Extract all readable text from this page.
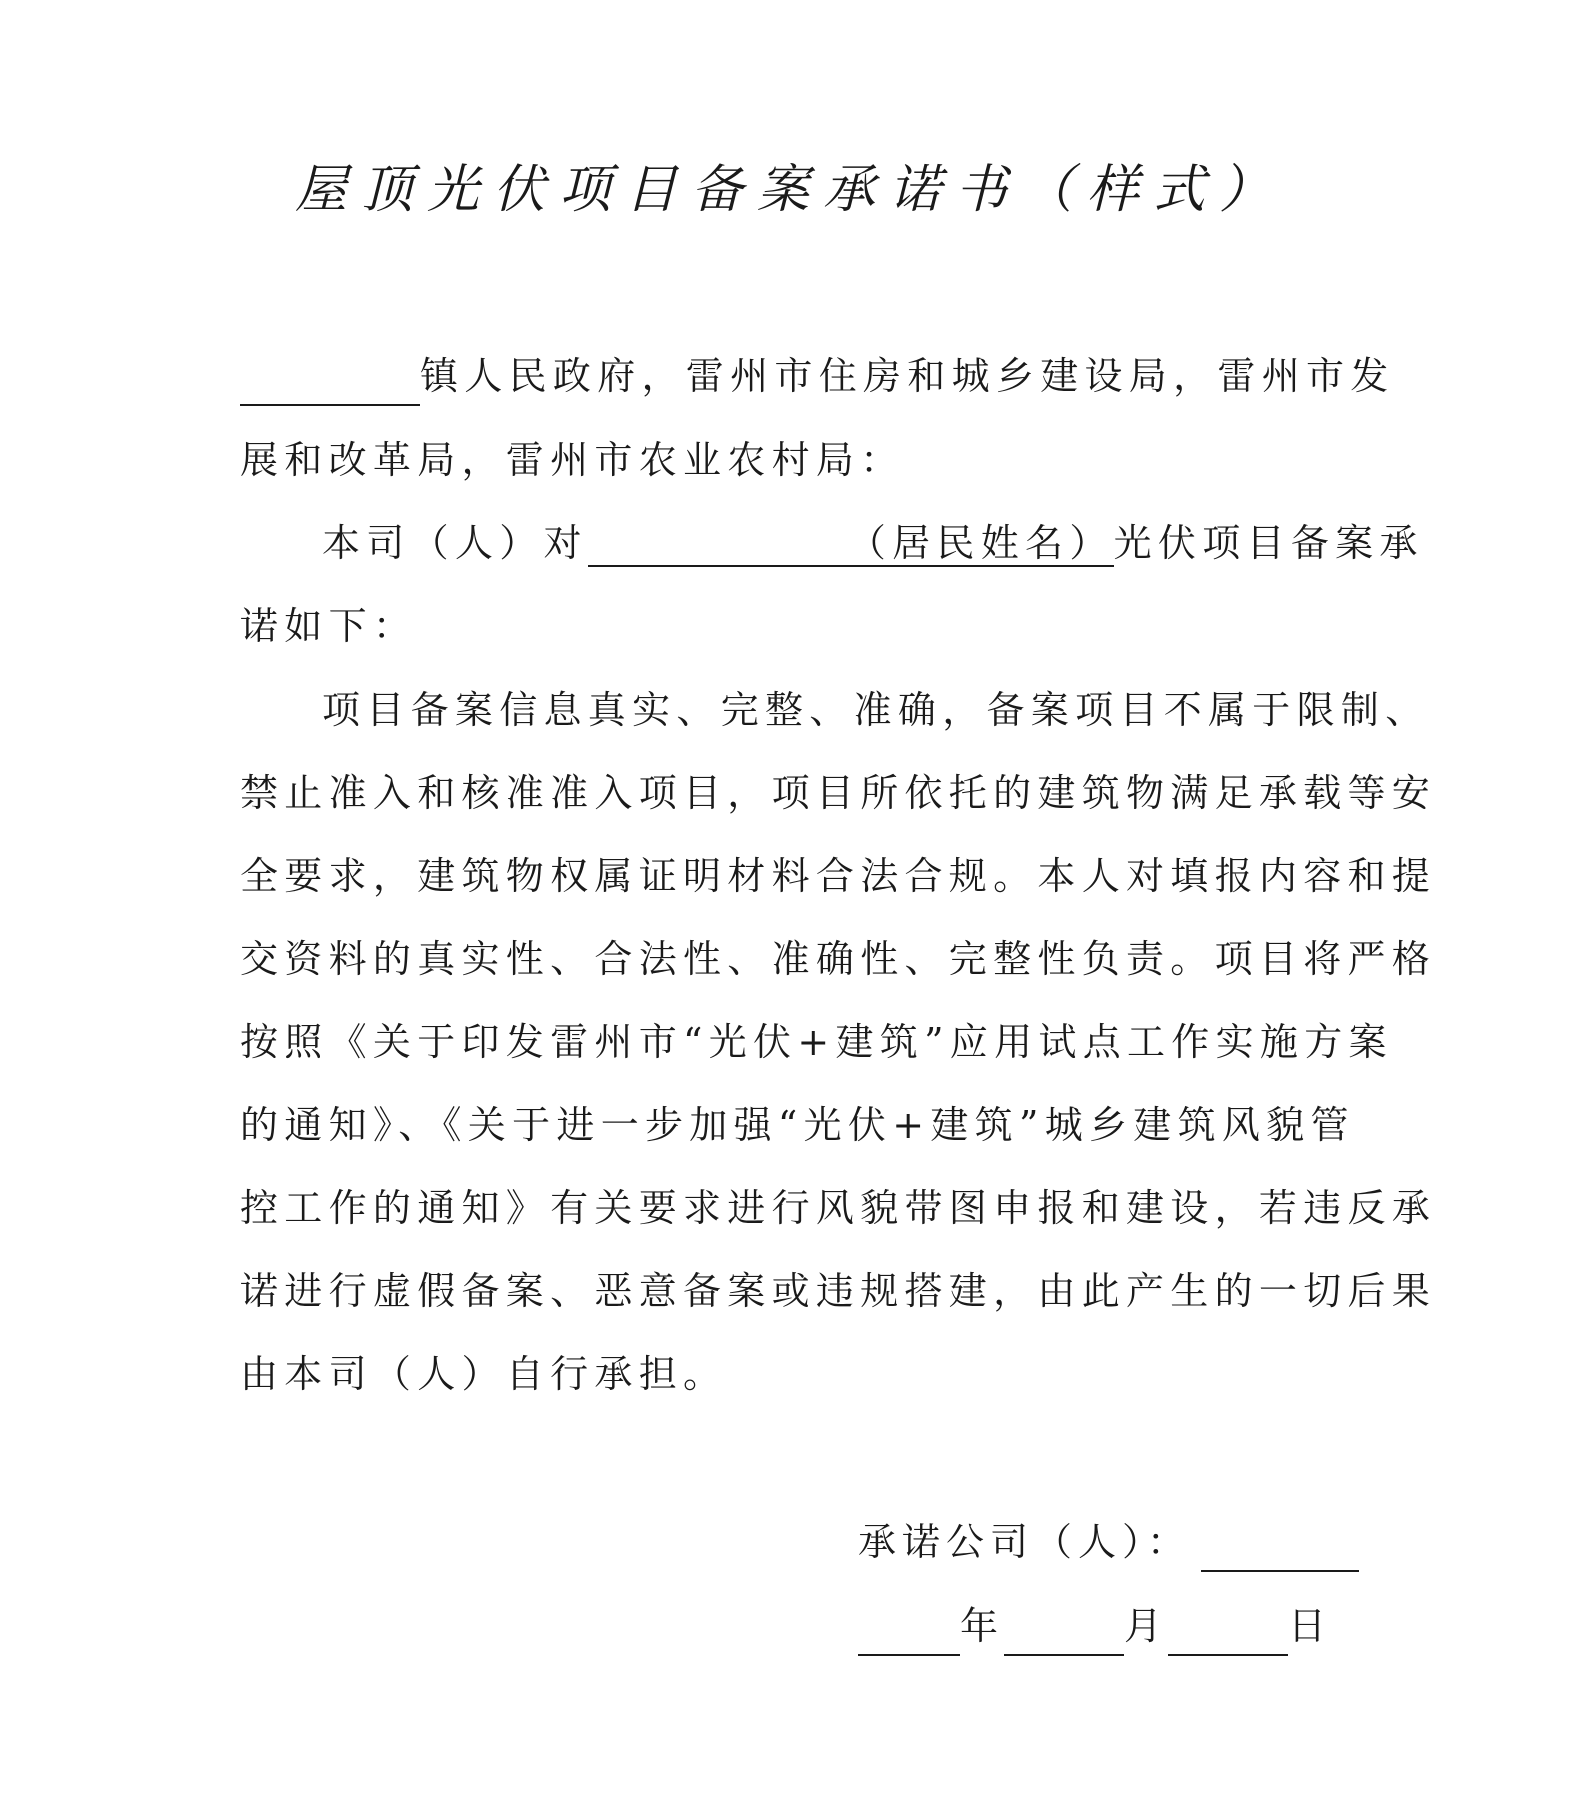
屋顶光伏项目备案承诺书（样式）
镇人民政府，雷州市住房和城乡建设局，雷州市发
展和改革局，雷州市农业农村局：
本司（人）对	（居民姓名）光伏项目备案承
诺如下：
项目备案信息真实、完整、准确，备案项目不属于限制、
禁止准入和核准准入项目，项目所依托的建筑物满足承载等安
全要求，建筑物权属证明材料合法合规。本人对填报内容和提
交资料的真实性、合法性、准确性、完整性负责。项目将严格
按照《关于印发雷州市“光伏+建筑”应用试点工作实施方案
的通知》、《关于进一步加强“光伏+建筑”城乡建筑风貌管
控工作的通知》有关要求进行风貌带图申报和建设，若违反承
诺进行虚假备案、恶意备案或违规搭建，由此产生的一切后果
由本司（人）自行承担。
承诺公司（人）：
年	月	日
